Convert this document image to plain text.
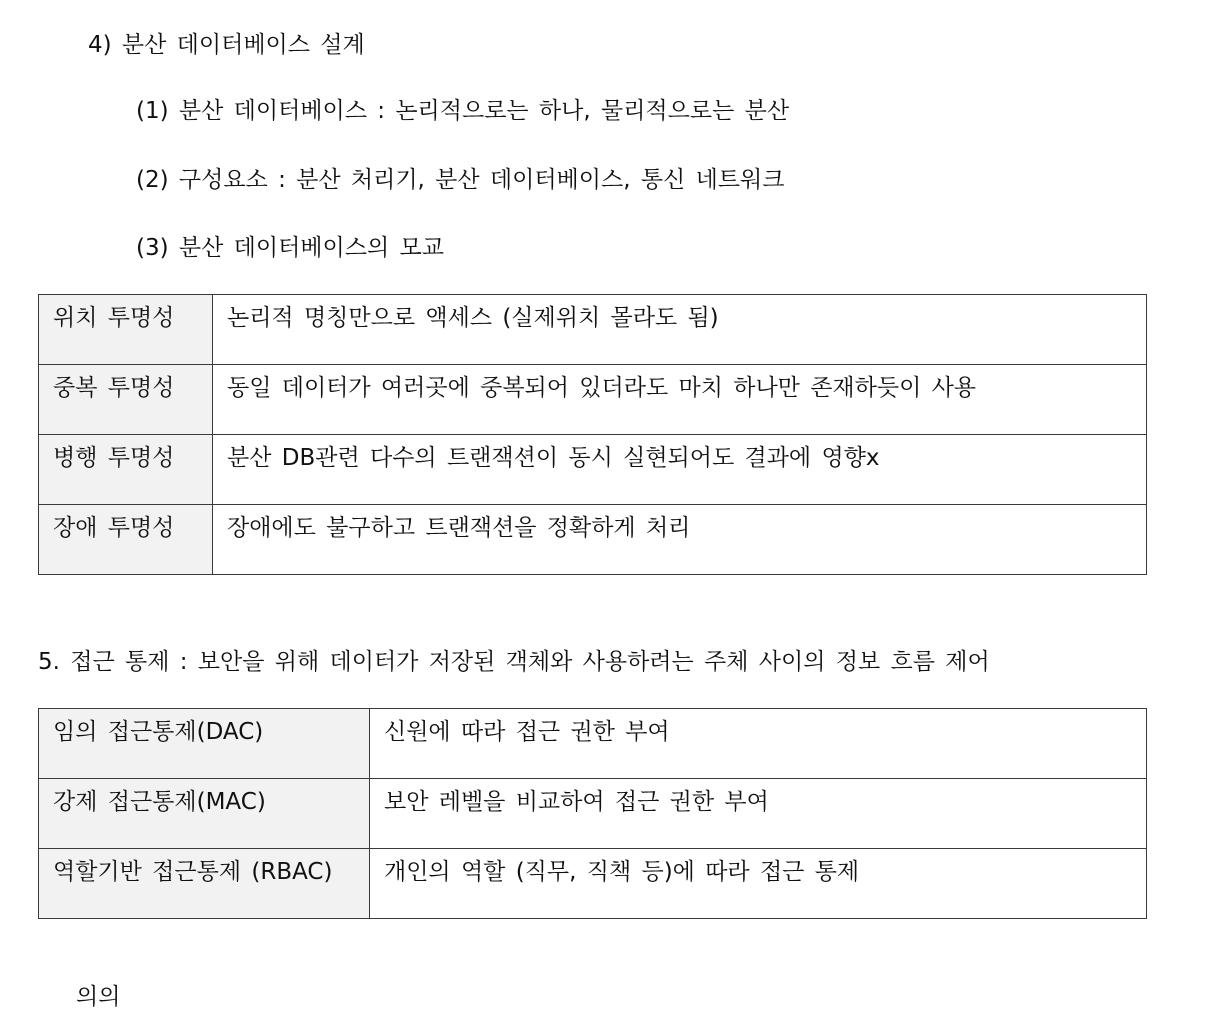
4) 분산 데이터베이스 설계
(1) 분산 데이터베이스 : 논리적으로는 하나, 물리적으로는 분산
(2) 구성요소 : 분산 처리기, 분산 데이터베이스, 통신 네트워크
(3) 분산 데이터베이스의 모교
위치 투명성	논리적 명칭만으로 액세스 (실제위치 몰라도 됨)
중복 투명성	동일 데이터가 여러곳에 중복되어 있더라도 마치 하나만 존재하듯이 사용
병행 투명성	분산 DB관련 다수의 트랜잭션이 동시 실현되어도 결과에 영향x
장애 투명성	장애에도 불구하고 트랜잭션을 정확하게 처리
5. 접근 통제 : 보안을 위해 데이터가 저장된 객체와 사용하려는 주체 사이의 정보 흐름 제어
임의 접근통제(DAC)	신원에 따라 접근 권한 부여
강제 접근통제(MAC)	보안 레벨을 비교하여 접근 권한 부여
역할기반 접근통제 (RBAC)	개인의 역할 (직무, 직책 등)에 따라 접근 통제
의의
